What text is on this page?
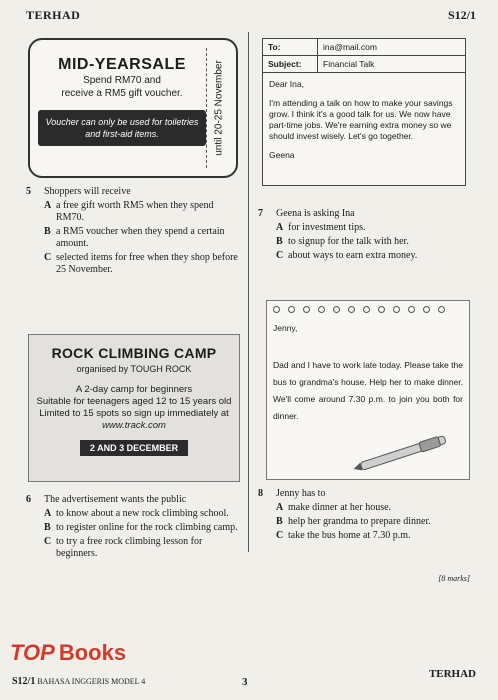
TERHAD	S12/1
MID-YEARSALE
Spend RM70 and
receive a RM5 gift voucher.
Voucher can only be used for toiletries and first-aid items.	until 20-25 November
5 Shoppers will receive
A a free gift worth RM5 when they spend RM70.
B a RM5 voucher when they spend a certain amount.
C selected items for free when they shop before 25 November.
ROCK CLIMBING CAMP
organised by TOUGH ROCK
A 2-day camp for beginners
Suitable for teenagers aged 12 to 15 years old
Limited to 15 spots so sign up immediately at
www.track.com
2 AND 3 DECEMBER
6 The advertisement wants the public
A to know about a new rock climbing school.
B to register online for the rock climbing camp.
C to try a free rock climbing lesson for beginners.
To:	ina@mail.com
Subject:	Financial Talk

Dear Ina,

I'm attending a talk on how to make your savings grow. I think it's a good talk for us. We now have part-time jobs. We're earning extra money so we should invest wisely. Let's go together.

Geena

7 Geena is asking Ina
A for investment tips.
B to signup for the talk with her.
C about ways to earn extra money.
Jenny,
Dad and I have to work late today. Please take the bus to grandma's house. Help her to make dinner. We'll come around 7.30 p.m. to join you both for dinner.
8 Jenny has to
A make dinner at her house.
B help her grandma to prepare dinner.
C take the bus home at 7.30 p.m.
[8 marks]
TOP Books
S12/1 BAHASA INGGERIS MODEL 4	3
TERHAD
